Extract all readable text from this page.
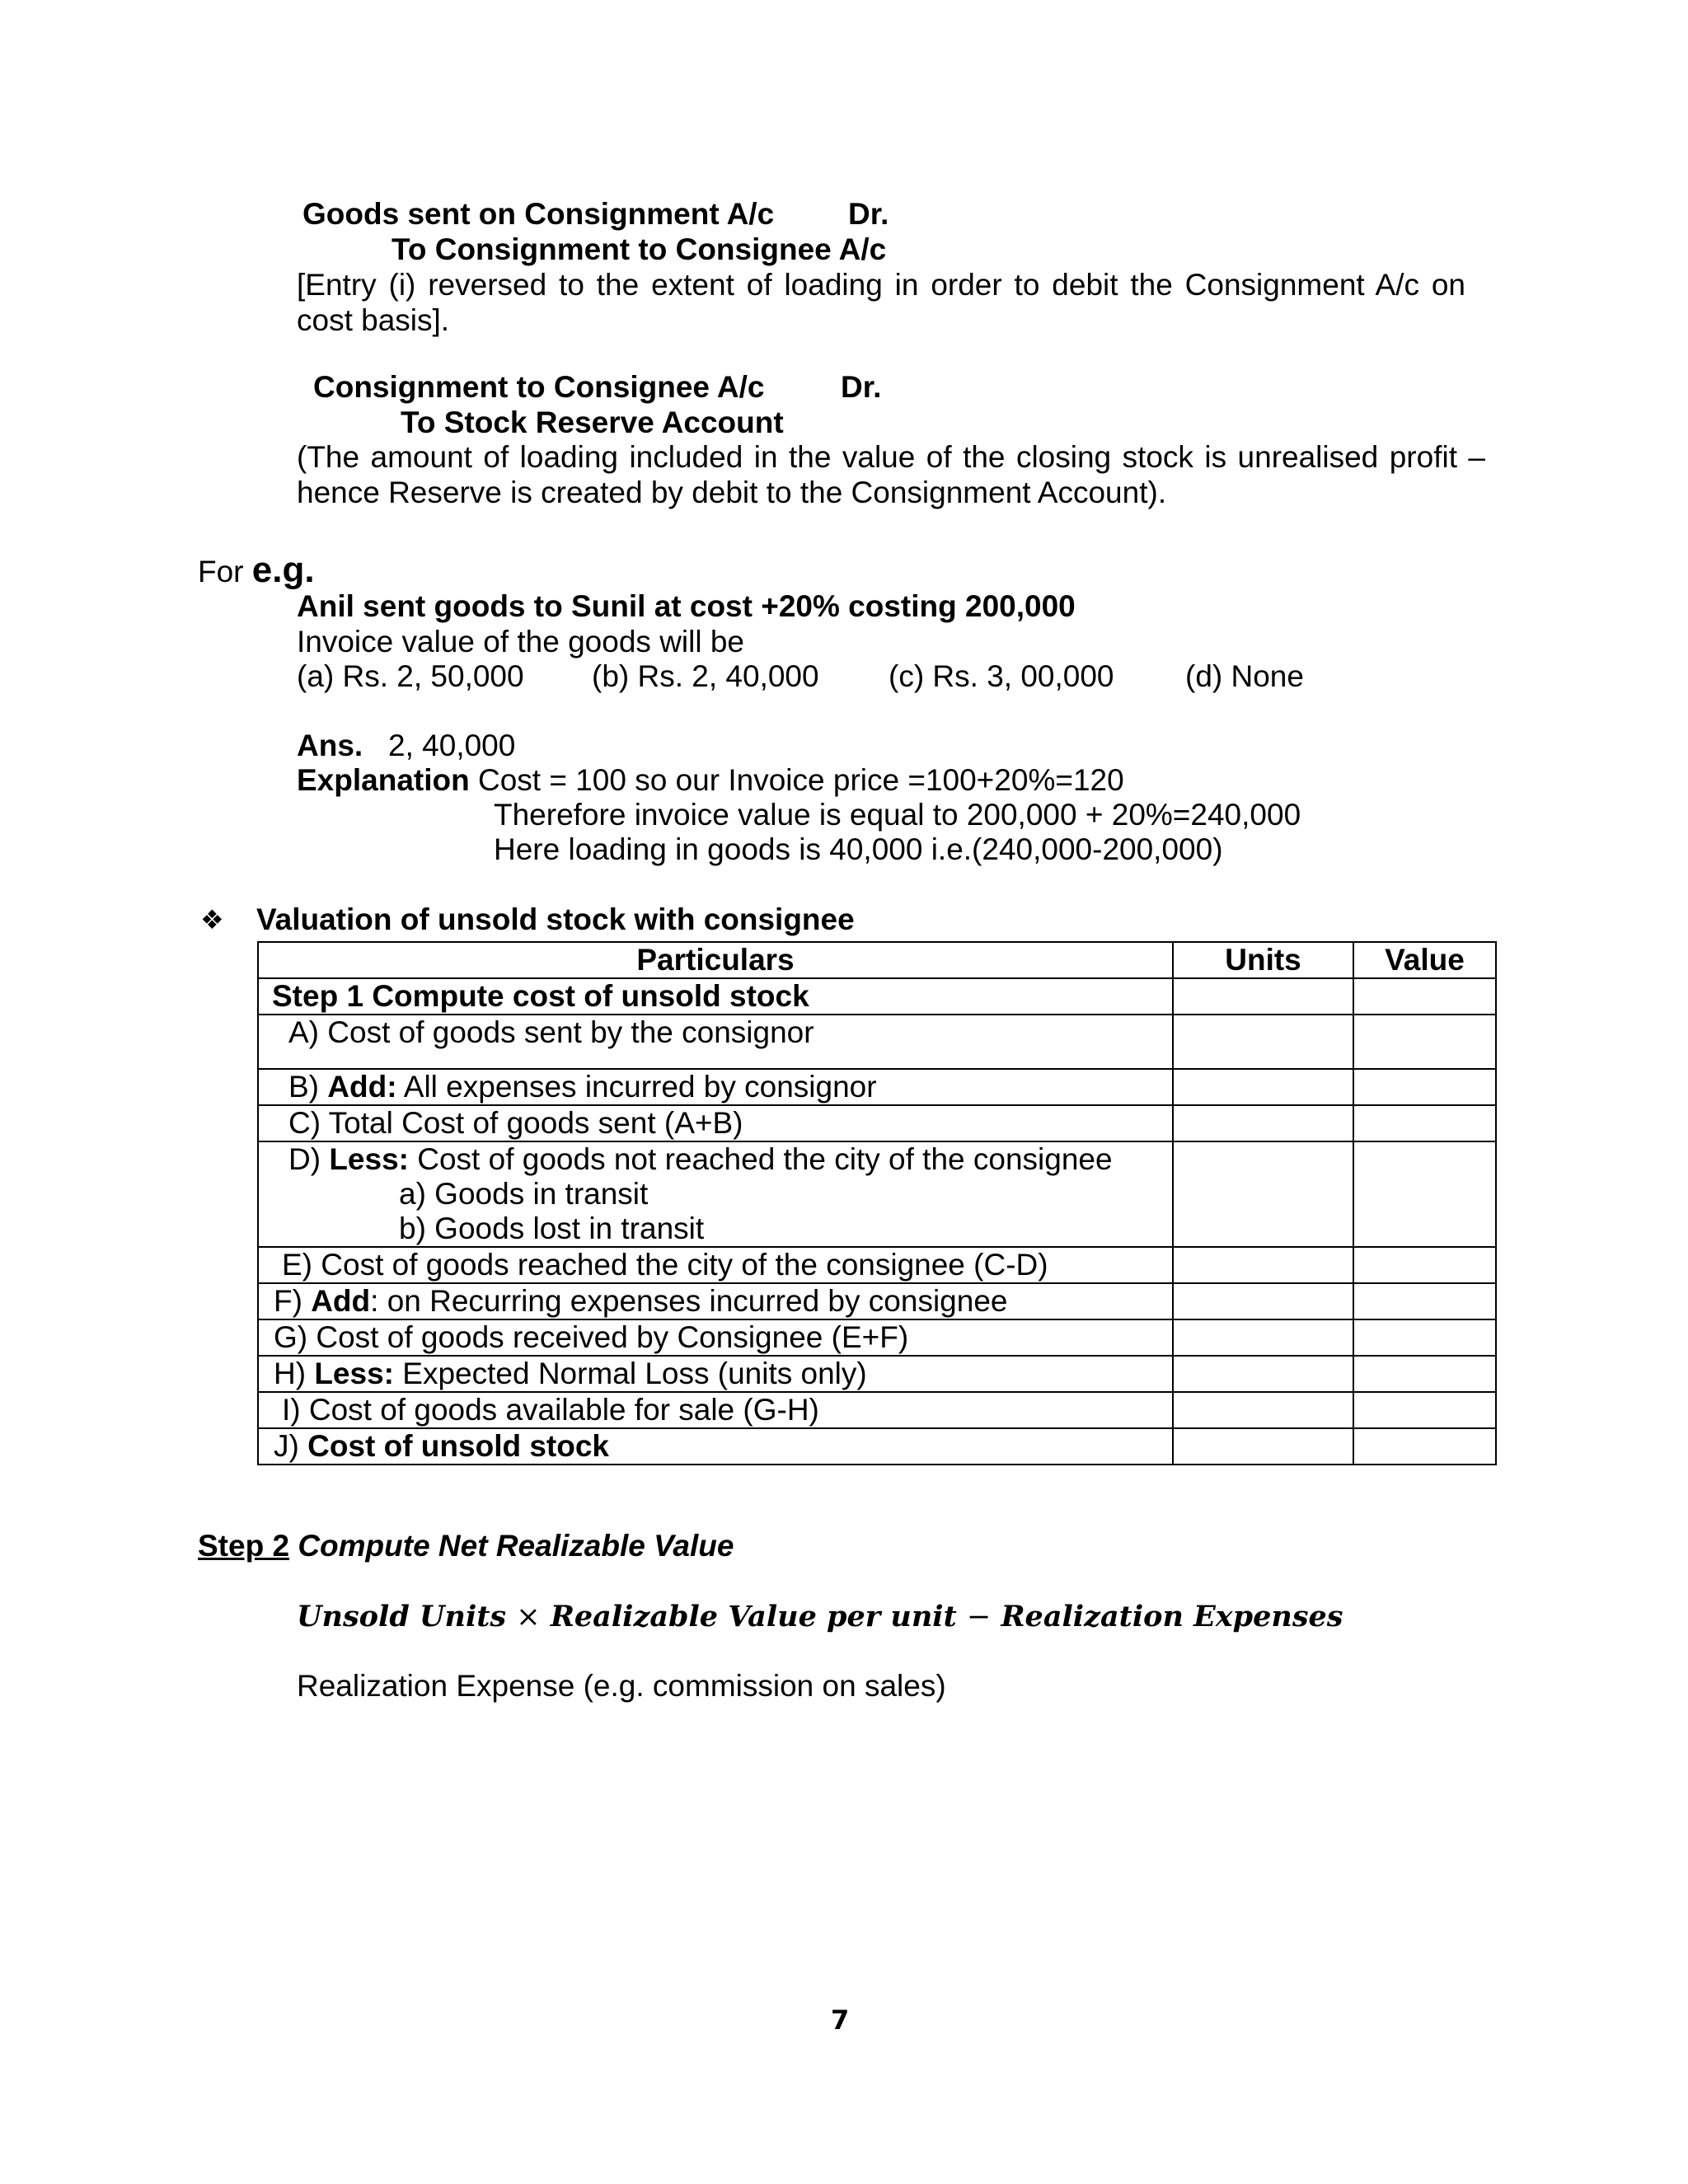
Goods sent on Consignment A/c Dr.
To Consignment to Consignee A/c
[Entry (i) reversed to the extent of loading in order to debit the Consignment A/c on cost basis].
Consignment to Consignee A/c	Dr.
To Stock Reserve Account
(The amount of loading included in the value of the closing stock is unrealised profit – hence Reserve is created by debit to the Consignment Account).
For e.g.
Anil sent goods to Sunil at cost +20% costing 200,000
Invoice value of the goods will be
(a) Rs. 2, 50,000 (b) Rs. 2, 40,000 (c) Rs. 3, 00,000 (d) None
Ans. 2, 40,000
Explanation Cost = 100 so our Invoice price =100+20%=120
Therefore invoice value is equal to 200,000 + 20%=240,000
Here loading in goods is 40,000 i.e.(240,000-200,000)
❖ Valuation of unsold stock with consignee
Particulars	Units	Value
Step 1 Compute cost of unsold stock		
A) Cost of goods sent by the consignor		
B) Add: All expenses incurred by consignor		
C) Total Cost of goods sent (A+B)		

D) Less: Cost of goods not reached the city of the consignee
a) Goods in transit
b) Goods lost in transit		

E) Cost of goods reached the city of the consignee (C-D)		
F) Add: on Recurring expenses incurred by consignee		
G) Cost of goods received by Consignee (E+F)		
H) Less: Expected Normal Loss (units only)		
I) Cost of goods available for sale (G-H)		
J) Cost of unsold stock		
Step 2 Compute Net Realizable Value
Unsold Units × Realizable Value per unit − Realization Expenses
Realization Expense (e.g. commission on sales)
7
